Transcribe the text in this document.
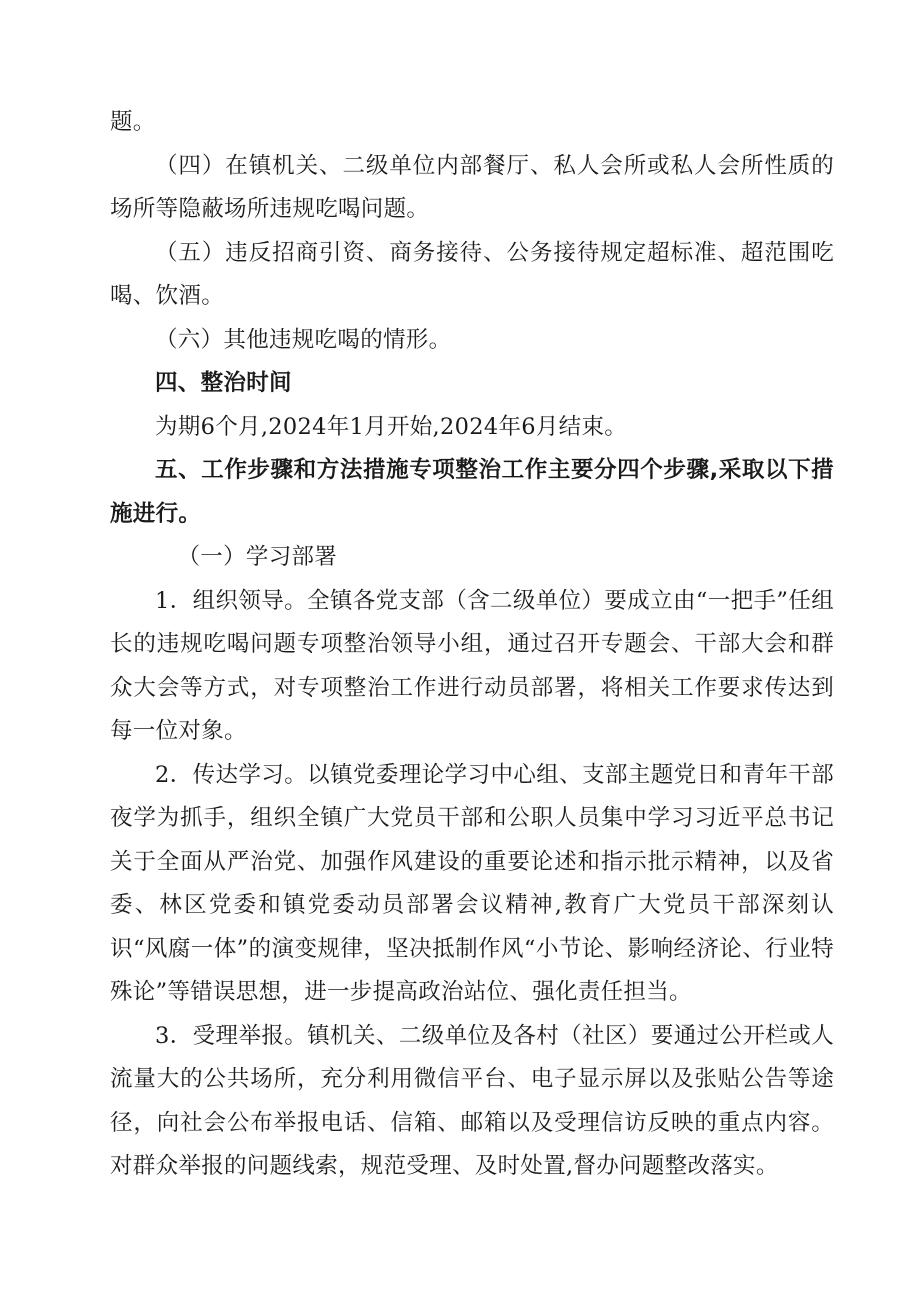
题。

（四）在镇机关、二级单位内部餐厅、私人会所或私人会所性质的场所等隐蔽场所违规吃喝问题。

（五）违反招商引资、商务接待、公务接待规定超标准、超范围吃喝、饮酒。

（六）其他违规吃喝的情形。

四、整治时间

为期6个月,2024年1月开始,2024年6月结束。

五、工作步骤和方法措施专项整治工作主要分四个步骤,采取以下措施进行。

（一）学习部署

1．组织领导。全镇各党支部（含二级单位）要成立由“一把手”任组长的违规吃喝问题专项整治领导小组，通过召开专题会、干部大会和群众大会等方式，对专项整治工作进行动员部署，将相关工作要求传达到每一位对象。

2．传达学习。以镇党委理论学习中心组、支部主题党日和青年干部夜学为抓手，组织全镇广大党员干部和公职人员集中学习习近平总书记关于全面从严治党、加强作风建设的重要论述和指示批示精神，以及省委、林区党委和镇党委动员部署会议精神,教育广大党员干部深刻认识“风腐一体”的演变规律，坚决抵制作风“小节论、影响经济论、行业特殊论”等错误思想，进一步提高政治站位、强化责任担当。

3．受理举报。镇机关、二级单位及各村（社区）要通过公开栏或人流量大的公共场所，充分利用微信平台、电子显示屏以及张贴公告等途径，向社会公布举报电话、信箱、邮箱以及受理信访反映的重点内容。对群众举报的问题线索，规范受理、及时处置,督办问题整改落实。
